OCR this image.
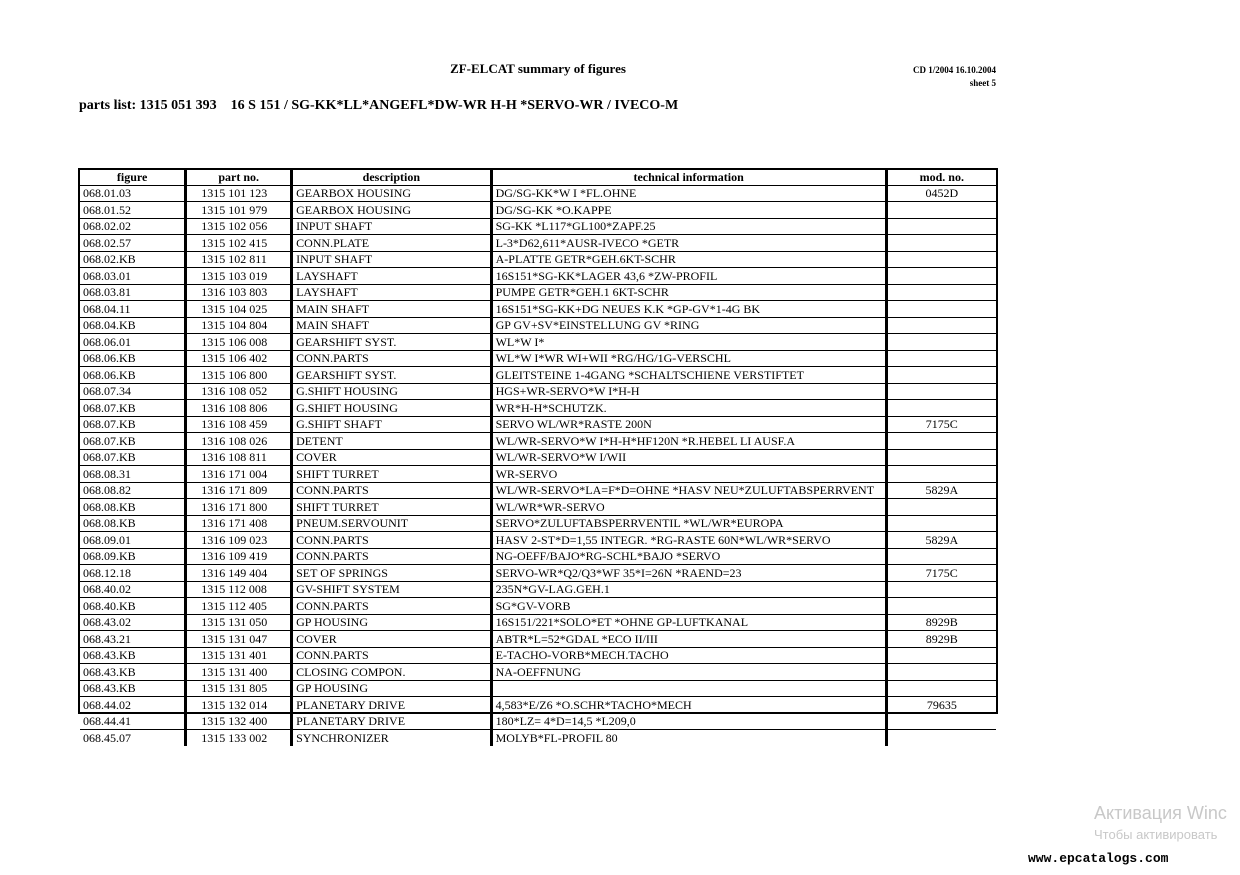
ZF-ELCAT summary of figures	CD 1/2004 16.10.2004
sheet 5
parts list: 1315 051 393    16 S 151 / SG-KK*LL*ANGEFL*DW-WR H-H *SERVO-WR / IVECO-M
figure	part no.	description	technical information	mod. no.
068.01.03	1315 101 123	GEARBOX HOUSING	DG/SG-KK*W I *FL.OHNE	0452D
068.01.52	1315 101 979	GEARBOX HOUSING	DG/SG-KK *O.KAPPE	
068.02.02	1315 102 056	INPUT SHAFT	SG-KK *L117*GL100*ZAPF.25	
068.02.57	1315 102 415	CONN.PLATE	L-3*D62,611*AUSR-IVECO *GETR	
068.02.KB	1315 102 811	INPUT SHAFT	A-PLATTE GETR*GEH.6KT-SCHR	
068.03.01	1315 103 019	LAYSHAFT	16S151*SG-KK*LAGER 43,6 *ZW-PROFIL	
068.03.81	1316 103 803	LAYSHAFT	PUMPE GETR*GEH.1 6KT-SCHR	
068.04.11	1315 104 025	MAIN SHAFT	16S151*SG-KK+DG NEUES K.K *GP-GV*1-4G BK	
068.04.KB	1315 104 804	MAIN SHAFT	GP GV+SV*EINSTELLUNG GV *RING	
068.06.01	1315 106 008	GEARSHIFT SYST.	WL*W I*	
068.06.KB	1315 106 402	CONN.PARTS	WL*W I*WR WI+WII *RG/HG/1G-VERSCHL	
068.06.KB	1315 106 800	GEARSHIFT SYST.	GLEITSTEINE 1-4GANG *SCHALTSCHIENE VERSTIFTET	
068.07.34	1316 108 052	G.SHIFT HOUSING	HGS+WR-SERVO*W I*H-H	
068.07.KB	1316 108 806	G.SHIFT HOUSING	WR*H-H*SCHUTZK.	
068.07.KB	1316 108 459	G.SHIFT SHAFT	SERVO WL/WR*RASTE 200N	7175C
068.07.KB	1316 108 026	DETENT	WL/WR-SERVO*W I*H-H*HF120N *R.HEBEL LI AUSF.A	
068.07.KB	1316 108 811	COVER	WL/WR-SERVO*W I/WII	
068.08.31	1316 171 004	SHIFT TURRET	WR-SERVO	
068.08.82	1316 171 809	CONN.PARTS	WL/WR-SERVO*LA=F*D=OHNE *HASV NEU*ZULUFTABSPERRVENT	5829A
068.08.KB	1316 171 800	SHIFT TURRET	WL/WR*WR-SERVO	
068.08.KB	1316 171 408	PNEUM.SERVOUNIT	SERVO*ZULUFTABSPERRVENTIL *WL/WR*EUROPA	
068.09.01	1316 109 023	CONN.PARTS	HASV 2-ST*D=1,55 INTEGR. *RG-RASTE 60N*WL/WR*SERVO	5829A
068.09.KB	1316 109 419	CONN.PARTS	NG-OEFF/BAJO*RG-SCHL*BAJO *SERVO	
068.12.18	1316 149 404	SET OF SPRINGS	SERVO-WR*Q2/Q3*WF 35*I=26N *RAEND=23	7175C
068.40.02	1315 112 008	GV-SHIFT SYSTEM	235N*GV-LAG.GEH.1	
068.40.KB	1315 112 405	CONN.PARTS	SG*GV-VORB	
068.43.02	1315 131 050	GP HOUSING	16S151/221*SOLO*ET *OHNE GP-LUFTKANAL	8929B
068.43.21	1315 131 047	COVER	ABTR*L=52*GDAL *ECO II/III	8929B
068.43.KB	1315 131 401	CONN.PARTS	E-TACHO-VORB*MECH.TACHO	
068.43.KB	1315 131 400	CLOSING COMPON.	NA-OEFFNUNG	
068.43.KB	1315 131 805	GP HOUSING		
068.44.02	1315 132 014	PLANETARY DRIVE	4,583*E/Z6 *O.SCHR*TACHO*MECH	79635
068.44.41	1315 132 400	PLANETARY DRIVE	180*LZ= 4*D=14,5 *L209,0	
068.45.07	1315 133 002	SYNCHRONIZER	MOLYB*FL-PROFIL 80	
Активация Winc
Чтобы активировать
www.epcatalogs.com
